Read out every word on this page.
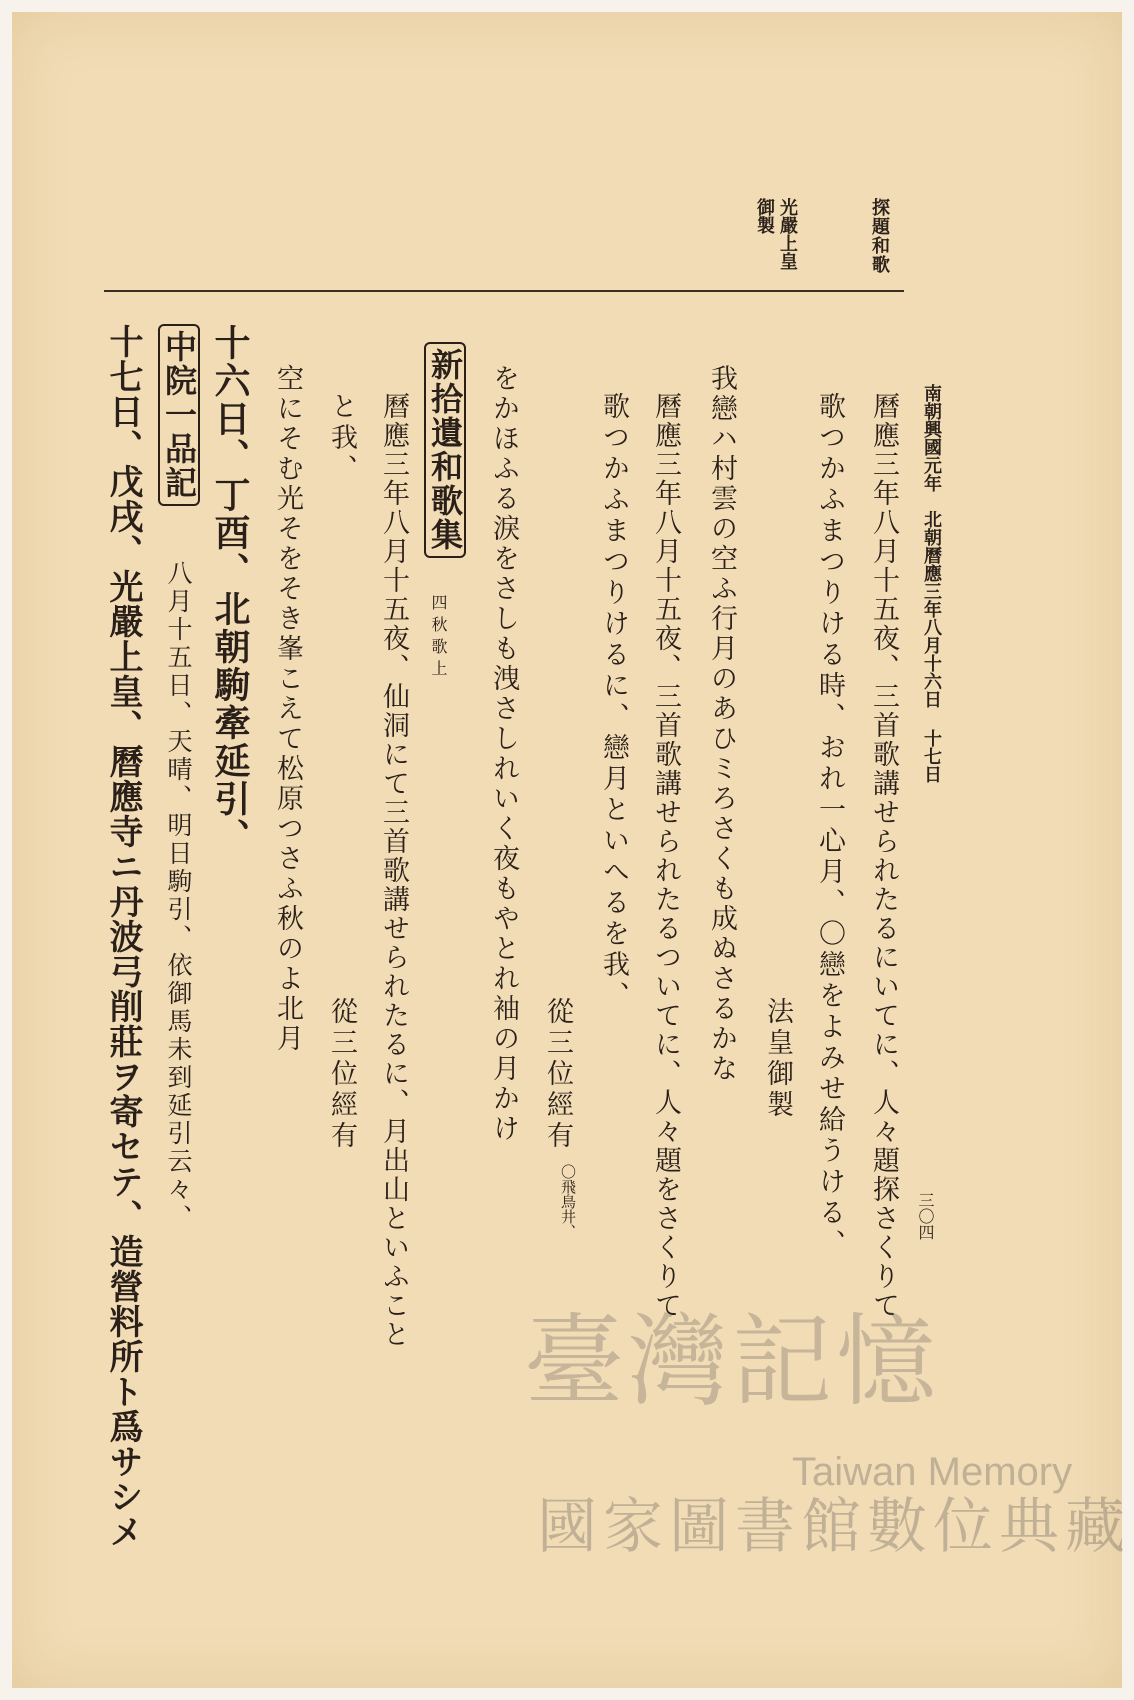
探題和歌
光嚴上皇
御製
南朝興國元年　北朝曆應三年八月十六日 十七日
三〇四
曆應三年八月十五夜、三首歌講せられたるにいてに、人々題探さくりて
歌つかふまつりける時、おれ一心月、〇戀をよみせ給うける、
法皇御製
我戀ハ村雲の空ふ行月のあひミろさくも成ぬさるかな
曆應三年八月十五夜、三首歌講せられたるついてに、人々題をさくりて
歌つかふまつりけるに、戀月といへるを我、
從三位經有
〇飛鳥井、
をかほふる淚をさしも洩さしれいく夜もやとれ袖の月かけ
新拾遺和歌集
四秋歌上
曆應三年八月十五夜、仙洞にて三首歌講せられたるに、月出山といふこと
と我、
從三位經有
空にそむ光そをそき峯こえて松原つさふ秋のよ北月
十六日、丁酉、北朝駒牽延引、
中院一品記
八月十五日、天晴、明日駒引、依御馬未到延引云々、
十七日、戊戌、光嚴上皇、曆應寺ニ丹波弓削莊ヲ寄セテ、造營料所ト爲サシメ	臺灣記憶
Taiwan Memory
國家圖書館數位典藏
